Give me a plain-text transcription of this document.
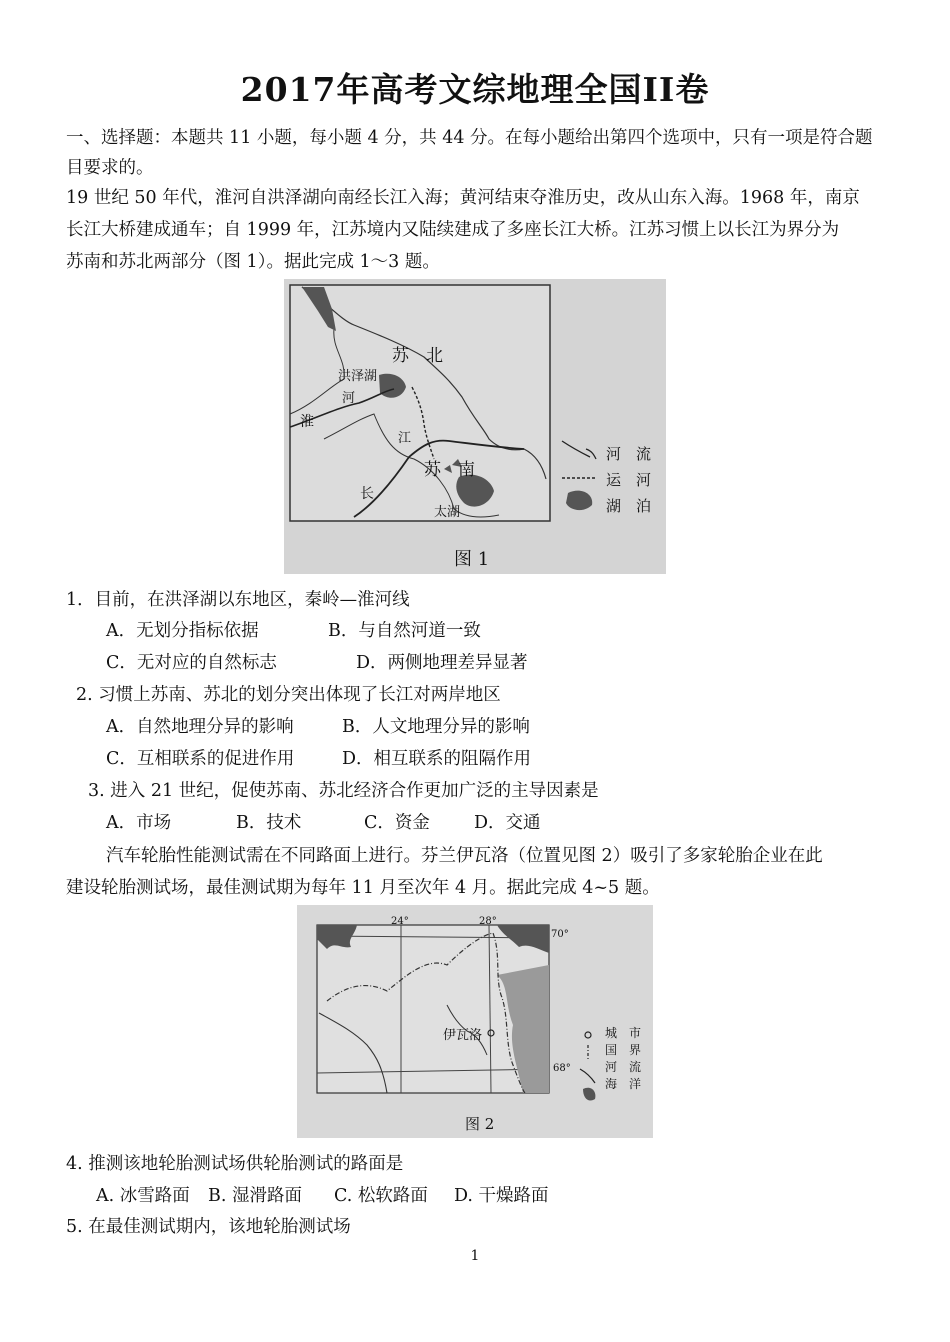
2017年高考文综地理全国II卷
一、选择题：本题共 11 小题，每小题 4 分，共 44 分。在每小题给出第四个选项中，只有一项是符合题
目要求的。
19 世纪 50 年代，淮河自洪泽湖向南经长江入海；黄河结束夺淮历史，改从山东入海。1968 年，南京
长江大桥建成通车；自 1999 年，江苏境内又陆续建成了多座长江大桥。江苏习惯上以长江为界分为
苏南和苏北两部分（图 1）。据此完成 1～3 题。
苏　北
苏　南
洪泽湖
河
淮
江
长
太湖
河　流
运　河
湖　泊
图 1
1．目前，在洪泽湖以东地区，秦岭—淮河线
A．无划分指标依据	B．与自然河道一致
C．无对应的自然标志	D．两侧地理差异显著
2. 习惯上苏南、苏北的划分突出体现了长江对两岸地区
A．自然地理分异的影响	B．人文地理分异的影响
C．互相联系的促进作用	D．相互联系的阻隔作用
3. 进入 21 世纪，促使苏南、苏北经济合作更加广泛的主导因素是
A．市场	B．技术	C．资金	D．交通
汽车轮胎性能测试需在不同路面上进行。芬兰伊瓦洛（位置见图 2）吸引了多家轮胎企业在此
建设轮胎测试场，最佳测试期为每年 11 月至次年 4 月。据此完成 4~5 题。
24°	28°
70°
68°
伊瓦洛	城　市
国　界
河　流
海　洋
图 2
4. 推测该地轮胎测试场供轮胎测试的路面是
A. 冰雪路面 B. 湿滑路面 C. 松软路面 D. 干燥路面
5. 在最佳测试期内，该地轮胎测试场
1
